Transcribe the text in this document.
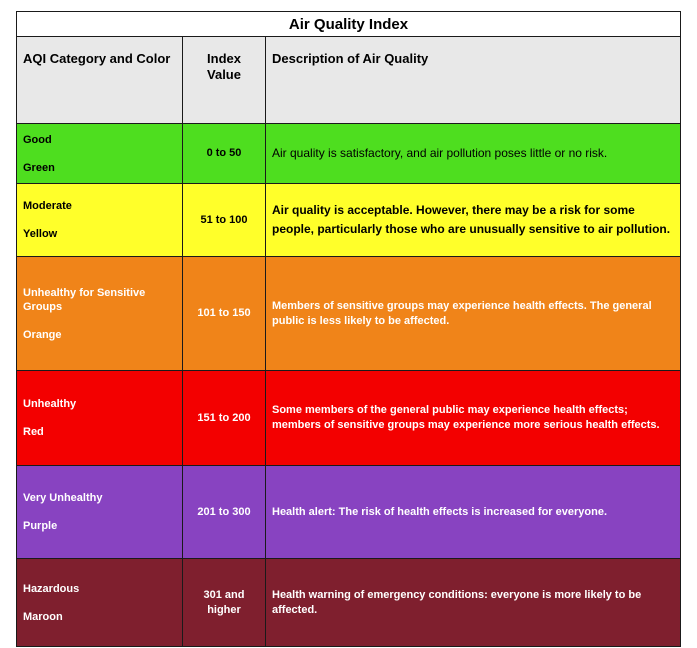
Air Quality Index		
AQI Category and Color	Index Value	Description of Air Quality

Good
Green	0 to 50	Air quality is satisfactory, and air pollution poses little or no risk.

Moderate
Yellow	51 to 100	Air quality is acceptable. However, there may be a risk for some people, particularly those who are unusually sensitive to air pollution.

Unhealthy for Sensitive Groups
Orange	101 to 150	Members of sensitive groups may experience health effects. The general public is less likely to be affected.

Unhealthy
Red	151 to 200	Some members of the general public may experience health effects; members of sensitive groups may experience more serious health effects.

Very Unhealthy
Purple	201 to 300	Health alert: The risk of health effects is increased for everyone.

Hazardous
Maroon	301 and higher	Health warning of emergency conditions: everyone is more likely to be affected.
